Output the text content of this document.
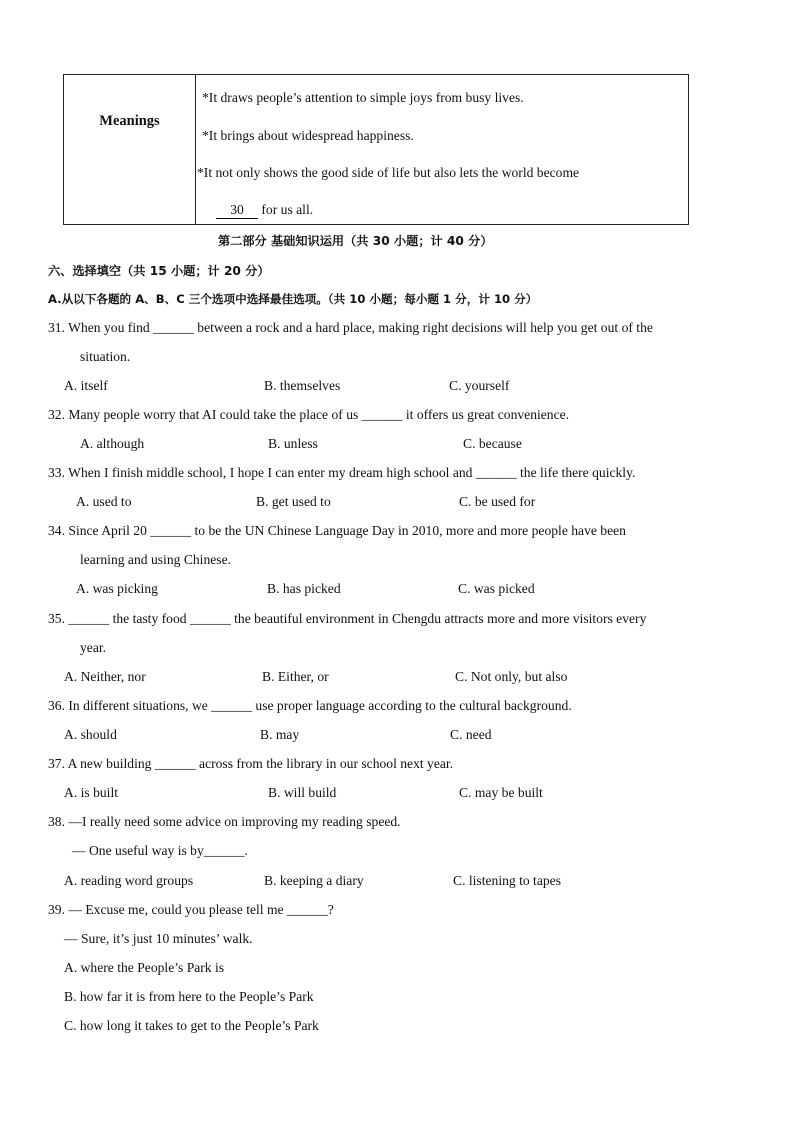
Meanings
*It draws people’s attention to simple joys from busy lives.
*It brings about widespread happiness.
*It not only shows the good side of life but also lets the world become
30 for us all.
第二部分 基础知识运用（共 30 小题；计 40 分）
六、选择填空（共 15 小题；计 20 分）
A.从以下各题的 A、B、C 三个选项中选择最佳选项。（共 10 小题；每小题 1 分，计 10 分）
31. When you find ______ between a rock and a hard place, making right decisions will help you get out of the
situation.
A. itself	B. themselves	C. yourself
32. Many people worry that AI could take the place of us ______ it offers us great convenience.
A. although	B. unless	C. because
33. When I finish middle school, I hope I can enter my dream high school and ______ the life there quickly.
A. used to	B. get used to	C. be used for
34. Since April 20 ______ to be the UN Chinese Language Day in 2010, more and more people have been
learning and using Chinese.
A. was picking	B. has picked	C. was picked
35. ______ the tasty food ______ the beautiful environment in Chengdu attracts more and more visitors every
year.
A. Neither, nor	B. Either, or	C. Not only, but also
36. In different situations, we ______ use proper language according to the cultural background.
A. should	B. may	C. need
37. A new building ______ across from the library in our school next year.
A. is built	B. will build	C. may be built
38. —I really need some advice on improving my reading speed.
— One useful way is by______.
A. reading word groups	B. keeping a diary	C. listening to tapes
39. — Excuse me, could you please tell me ______?
— Sure, it’s just 10 minutes’ walk.
A. where the People’s Park is
B. how far it is from here to the People’s Park
C. how long it takes to get to the People’s Park
